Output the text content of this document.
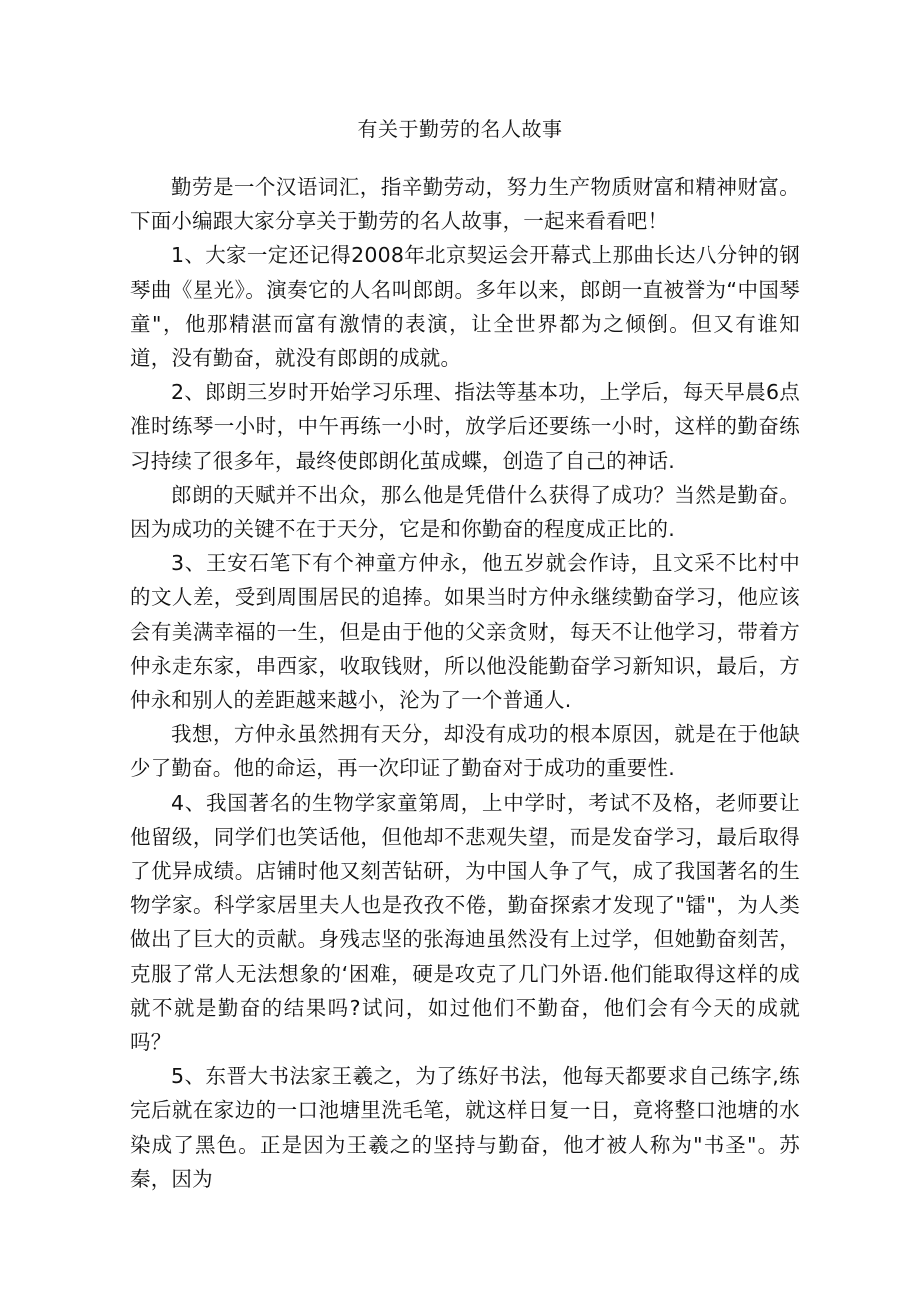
有关于勤劳的名人故事

勤劳是一个汉语词汇，指辛勤劳动，努力生产物质财富和精神财富。下面小编跟大家分享关于勤劳的名人故事，一起来看看吧！

1、大家一定还记得2008年北京契运会开幕式上那曲长达八分钟的钢琴曲《星光》。演奏它的人名叫郎朗。多年以来，郎朗一直被誉为“中国琴童"，他那精湛而富有激情的表演，让全世界都为之倾倒。但又有谁知道，没有勤奋，就没有郎朗的成就。

2、郎朗三岁时开始学习乐理、指法等基本功，上学后，每天早晨6点准时练琴一小时，中午再练一小时，放学后还要练一小时，这样的勤奋练习持续了很多年，最终使郎朗化茧成蝶，创造了自己的神话.

郎朗的天赋并不出众，那么他是凭借什么获得了成功？当然是勤奋。因为成功的关键不在于天分，它是和你勤奋的程度成正比的.

3、王安石笔下有个神童方仲永，他五岁就会作诗，且文采不比村中的文人差，受到周围居民的追捧。如果当时方仲永继续勤奋学习，他应该会有美满幸福的一生，但是由于他的父亲贪财，每天不让他学习，带着方仲永走东家，串西家，收取钱财，所以他没能勤奋学习新知识，最后，方仲永和别人的差距越来越小，沦为了一个普通人.

我想，方仲永虽然拥有天分，却没有成功的根本原因，就是在于他缺少了勤奋。他的命运，再一次印证了勤奋对于成功的重要性.

4、我国著名的生物学家童第周，上中学时，考试不及格，老师要让他留级，同学们也笑话他，但他却不悲观失望，而是发奋学习，最后取得了优异成绩。店铺时他又刻苦钻研，为中国人争了气，成了我国著名的生物学家。科学家居里夫人也是孜孜不倦，勤奋探索才发现了"镭"，为人类做出了巨大的贡献。身残志坚的张海迪虽然没有上过学，但她勤奋刻苦，克服了常人无法想象的‘困难，硬是攻克了几门外语.他们能取得这样的成就不就是勤奋的结果吗?试问，如过他们不勤奋，他们会有今天的成就吗？

5、东晋大书法家王羲之，为了练好书法，他每天都要求自己练字,练完后就在家边的一口池塘里洗毛笔，就这样日复一日，竟将整口池塘的水染成了黑色。正是因为王羲之的坚持与勤奋，他才被人称为"书圣"。苏秦，因为
